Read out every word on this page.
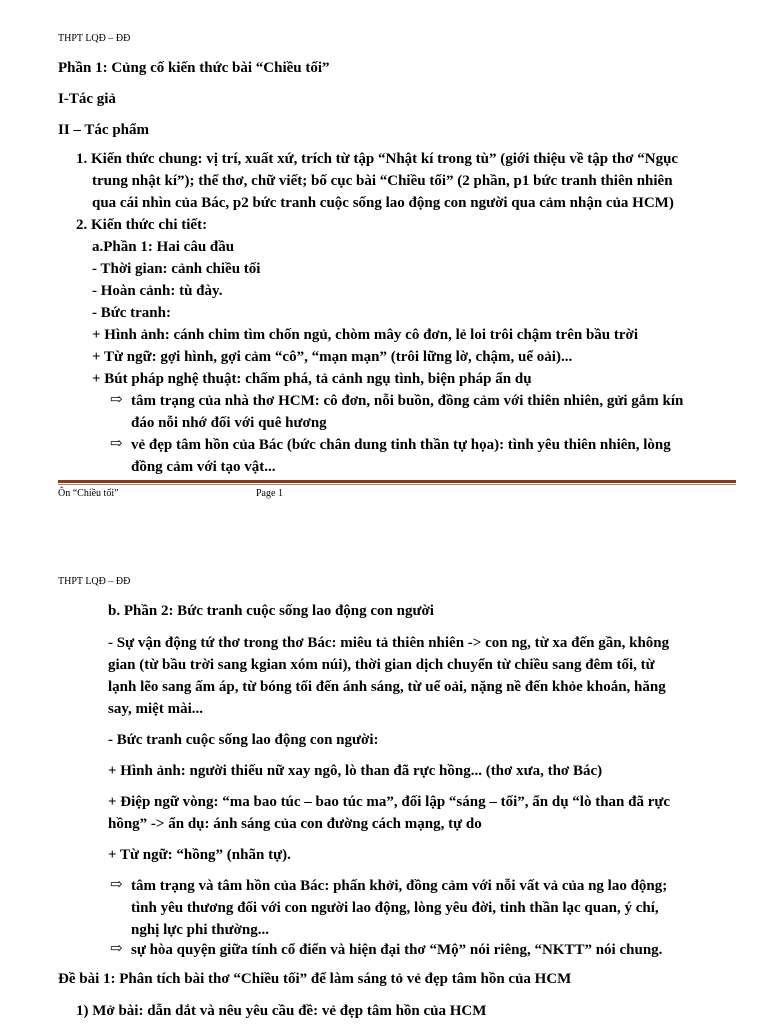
THPT LQĐ – ĐĐ
Phần 1: Củng cố kiến thức bài “Chiều tối”
I-Tác giả
II – Tác phẩm
1. Kiến thức chung: vị trí, xuất xứ, trích từ tập “Nhật kí trong tù” (giới thiệu về tập thơ “Ngục
trung nhật kí”); thể thơ, chữ viết; bố cục bài “Chiều tối” (2 phần, p1 bức tranh thiên nhiên
qua cái nhìn của Bác, p2 bức tranh cuộc sống lao động con người qua cảm nhận của HCM)
2. Kiến thức chi tiết:
a.Phần 1: Hai câu đầu
- Thời gian: cảnh chiều tối
- Hoàn cảnh: tù đày.
- Bức tranh:
+ Hình ảnh: cánh chim tìm chốn ngủ, chòm mây cô đơn, lẻ loi trôi chậm trên bầu trời
+ Từ ngữ: gợi hình, gợi cảm “cô”, “mạn mạn” (trôi lững lờ, chậm, uể oải)...
+ Bút pháp nghệ thuật: chấm phá, tả cảnh ngụ tình, biện pháp ẩn dụ
⇨ tâm trạng của nhà thơ HCM: cô đơn, nỗi buồn, đồng cảm với thiên nhiên, gửi gắm kín
đáo nỗi nhớ đối với quê hương
⇨ vẻ đẹp tâm hồn của Bác (bức chân dung tinh thần tự họa): tình yêu thiên nhiên, lòng
đồng cảm với tạo vật...
Ôn “Chiều tối”	Page 1
THPT LQĐ – ĐĐ
b. Phần 2: Bức tranh cuộc sống lao động con người
- Sự vận động tứ thơ trong thơ Bác: miêu tả thiên nhiên -> con ng, từ xa đến gần, không
gian (từ bầu trời sang kgian xóm núi), thời gian dịch chuyển từ chiều sang đêm tối, từ
lạnh lẽo sang ấm áp, từ bóng tối đến ánh sáng, từ uể oải, nặng nề đến khỏe khoắn, hăng
say, miệt mài...
- Bức tranh cuộc sống lao động con người:
+ Hình ảnh: người thiếu nữ xay ngô, lò than đã rực hồng... (thơ xưa, thơ Bác)
+ Điệp ngữ vòng: “ma bao túc – bao túc ma”, đối lập “sáng – tối”, ẩn dụ “lò than đã rực
hồng” -> ẩn dụ: ánh sáng của con đường cách mạng, tự do
+ Từ ngữ: “hồng” (nhãn tự).
⇨ tâm trạng và tâm hồn của Bác: phấn khởi, đồng cảm với nỗi vất vả của ng lao động;
tình yêu thương đối với con người lao động, lòng yêu đời, tinh thần lạc quan, ý chí,
nghị lực phi thường...
⇨ sự hòa quyện giữa tính cổ điển và hiện đại thơ “Mộ” nói riêng, “NKTT” nói chung.
Đề bài 1: Phân tích bài thơ “Chiều tối” để làm sáng tỏ vẻ đẹp tâm hồn của HCM
1) Mở bài: dẫn dắt và nêu yêu cầu đề: vẻ đẹp tâm hồn của HCM
